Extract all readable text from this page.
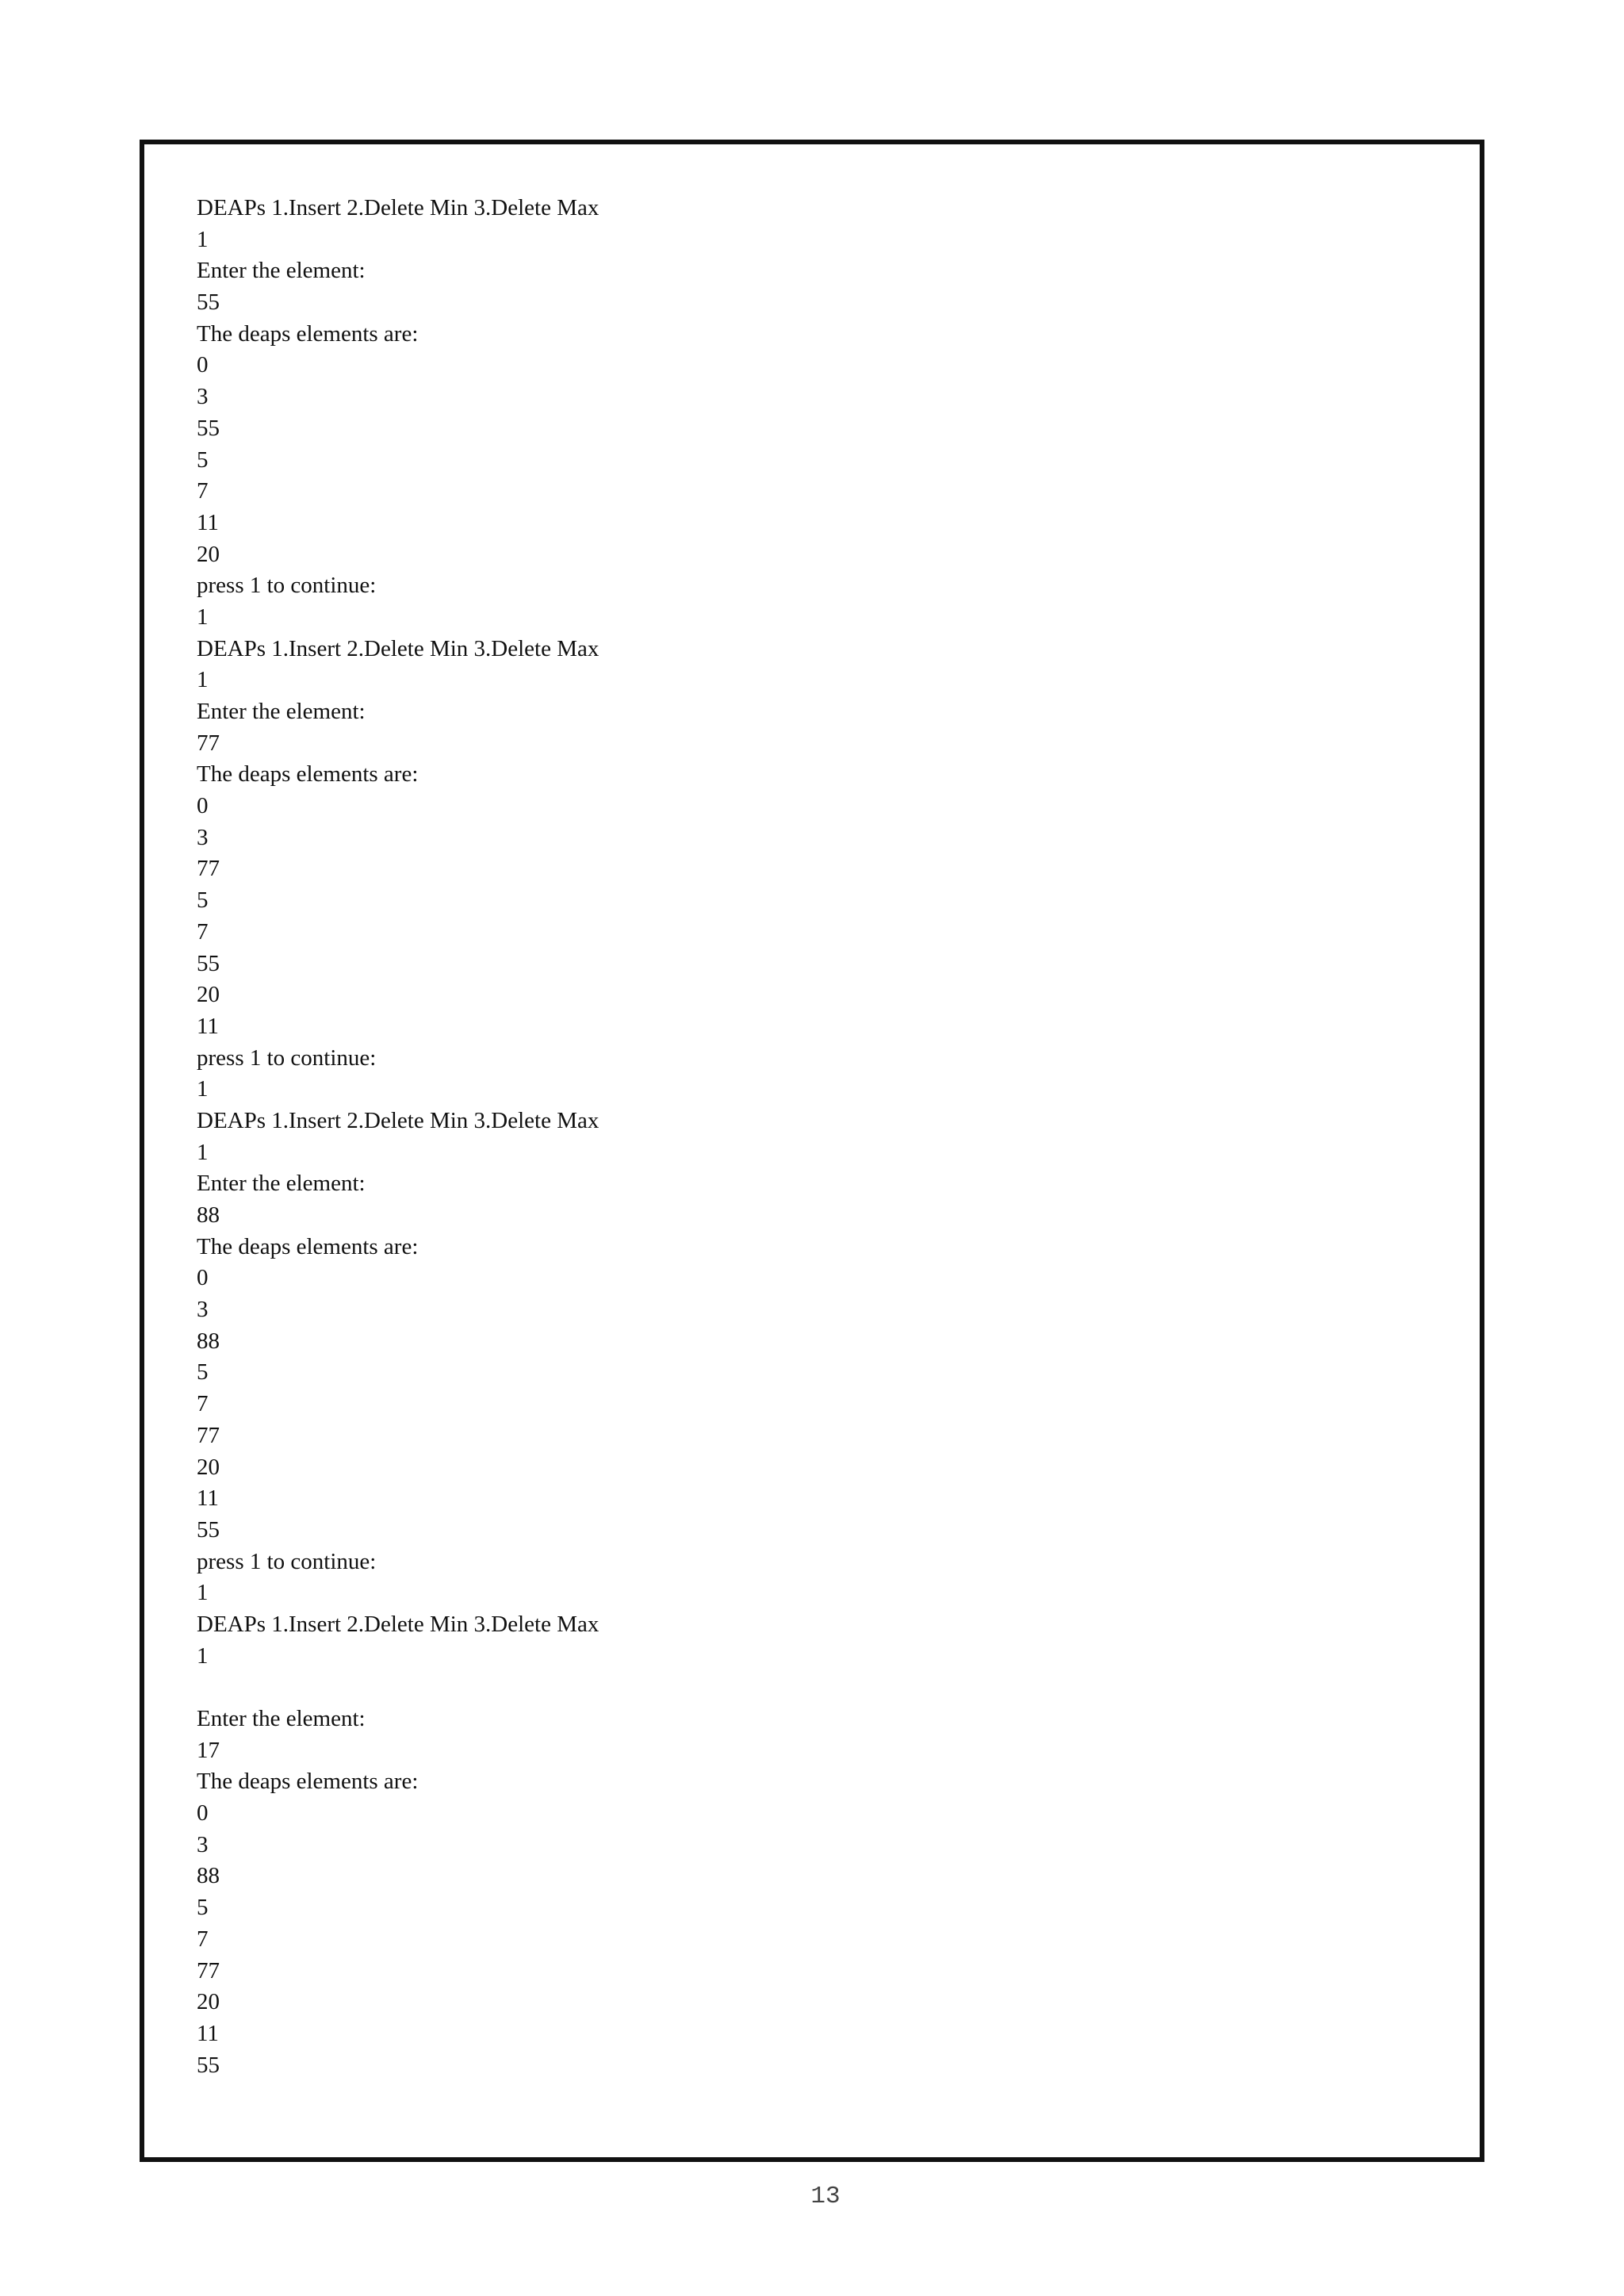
DEAPs 1.Insert 2.Delete Min 3.Delete Max
1
Enter the element:
55
The deaps elements are:
0
3
55
5
7
11
20
press 1 to continue:
1
DEAPs 1.Insert 2.Delete Min 3.Delete Max
1
Enter the element:
77
The deaps elements are:
0
3
77
5
7
55
20
11
press 1 to continue:
1
DEAPs 1.Insert 2.Delete Min 3.Delete Max
1
Enter the element:
88
The deaps elements are:
0
3
88
5
7
77
20
11
55
press 1 to continue:
1
DEAPs 1.Insert 2.Delete Min 3.Delete Max
1
Enter the element:
17
The deaps elements are:
0
3
88
5
7
77
20
11
55
13
